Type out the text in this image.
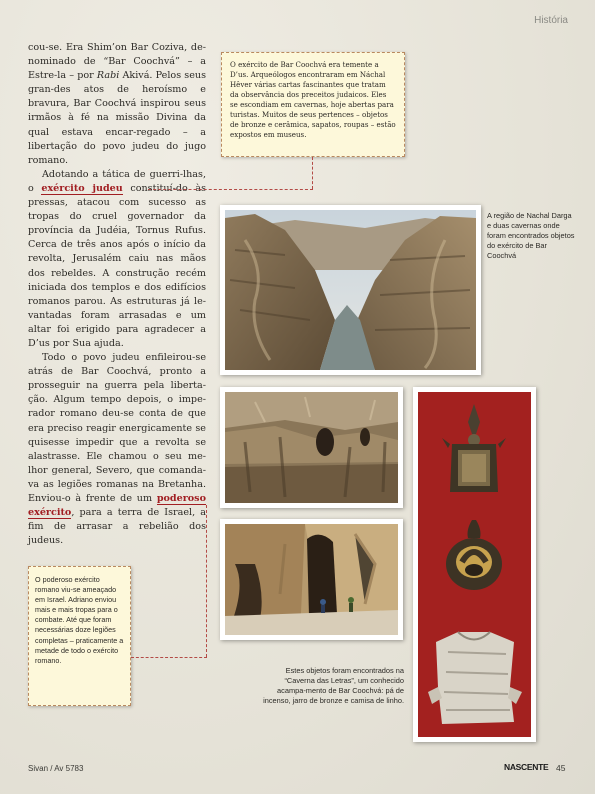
História

cou-se. Era Shim’on Bar Coziva, de-nominado de “Bar Coochvá” – a Estre-la – por Rabi Akivá. Pelos seus gran-des atos de heroísmo e bravura, Bar Coochvá inspirou seus irmãos à fé na missão Divina da qual estava encar-regado – a libertação do povo judeu do jugo romano.

Adotando a tática de guerri-lhas, o exército judeu constituí-do às pressas, atacou com sucesso as tropas do cruel governador da província da Judéia, Tornus Rufus. Cerca de três anos após o início da revolta, Jerusalém caiu nas mãos dos rebeldes. A construção recém iniciada dos templos e dos edifícios romanos parou. As estruturas já le-vantadas foram arrasadas e um altar foi erigido para agradecer a D’us por Sua ajuda.

Todo o povo judeu enfileirou-se atrás de Bar Coochvá, pronto a prosseguir na guerra pela liberta-ção. Algum tempo depois, o impe-rador romano deu-se conta de que era preciso reagir energicamente se quisesse impedir que a revolta se alastrasse. Ele chamou o seu me-lhor general, Severo, que comanda-va as legiões romanas na Bretanha. Enviou-o à frente de um poderoso exército, para a terra de Israel, a fim de arrasar a rebelião dos judeus.

O exército de Bar Coochvá era temente a D’us. Arqueólogos encontraram em Náchal Hêver várias cartas fascinantes que tratam da observância dos preceitos judaicos. Eles se escondiam em cavernas, hoje abertas para turistas. Muitos de seus pertences – objetos de bronze e cerâmica, sapatos, roupas – estão expostos em museus.
O poderoso exército romano viu-se ameaçado em Israel. Adriano enviou mais e mais tropas para o combate. Até que foram necessárias doze legiões completas – praticamente a metade de todo o exército romano.
A região de Nachal Darga e duas cavernas onde foram encontrados objetos do exército de Bar Coochvá
Estes objetos foram encontrados na “Caverna das Letras”, um conhecido acampa-mento de Bar Coochvá: pá de incenso, jarro de bronze e camisa de linho.
Sivan / Av 5783	NASCENTE 45
